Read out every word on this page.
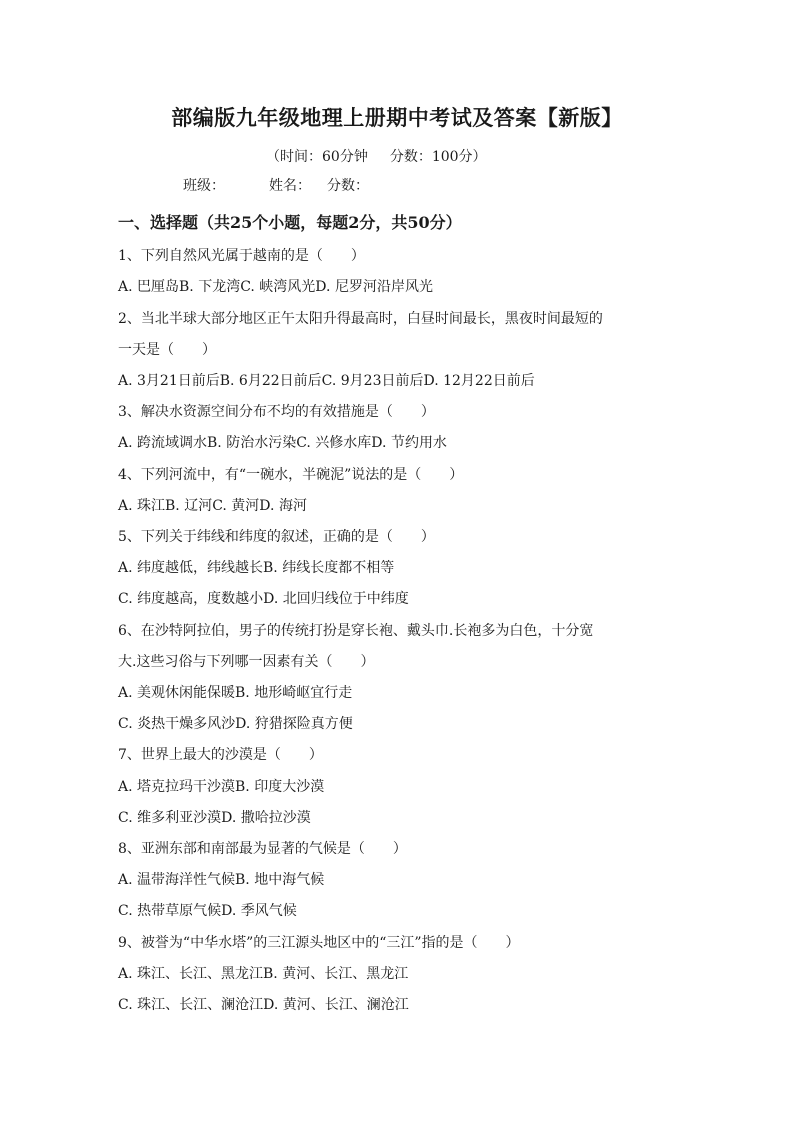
部编版九年级地理上册期中考试及答案【新版】
（时间：60分钟 分数：100分）
班级：	姓名： 分数：
一、选择题（共25个小题，每题2分，共50分）
1、下列自然风光属于越南的是（　　）
A. 巴厘岛B. 下龙湾C. 峡湾风光D. 尼罗河沿岸风光
2、当北半球大部分地区正午太阳升得最高时，白昼时间最长，黑夜时间最短的
一天是（　　）
A. 3月21日前后B. 6月22日前后C. 9月23日前后D. 12月22日前后
3、解决水资源空间分布不均的有效措施是（　　）
A. 跨流域调水B. 防治水污染C. 兴修水库D. 节约用水
4、下列河流中，有“一碗水，半碗泥”说法的是（　　）
A. 珠江B. 辽河C. 黄河D. 海河
5、下列关于纬线和纬度的叙述，正确的是（　　）
A. 纬度越低，纬线越长B. 纬线长度都不相等
C. 纬度越高，度数越小D. 北回归线位于中纬度
6、在沙特阿拉伯，男子的传统打扮是穿长袍、戴头巾.长袍多为白色，十分宽
大.这些习俗与下列哪一因素有关（　　）
A. 美观休闲能保暖B. 地形崎岖宜行走
C. 炎热干燥多风沙D. 狩猎探险真方便
7、世界上最大的沙漠是（　　）
A. 塔克拉玛干沙漠B. 印度大沙漠
C. 维多利亚沙漠D. 撒哈拉沙漠
8、亚洲东部和南部最为显著的气候是（　　）
A. 温带海洋性气候B. 地中海气候
C. 热带草原气候D. 季风气候
9、被誉为“中华水塔”的三江源头地区中的“三江”指的是（　　）
A. 珠江、长江、黑龙江B. 黄河、长江、黑龙江
C. 珠江、长江、澜沧江D. 黄河、长江、澜沧江
